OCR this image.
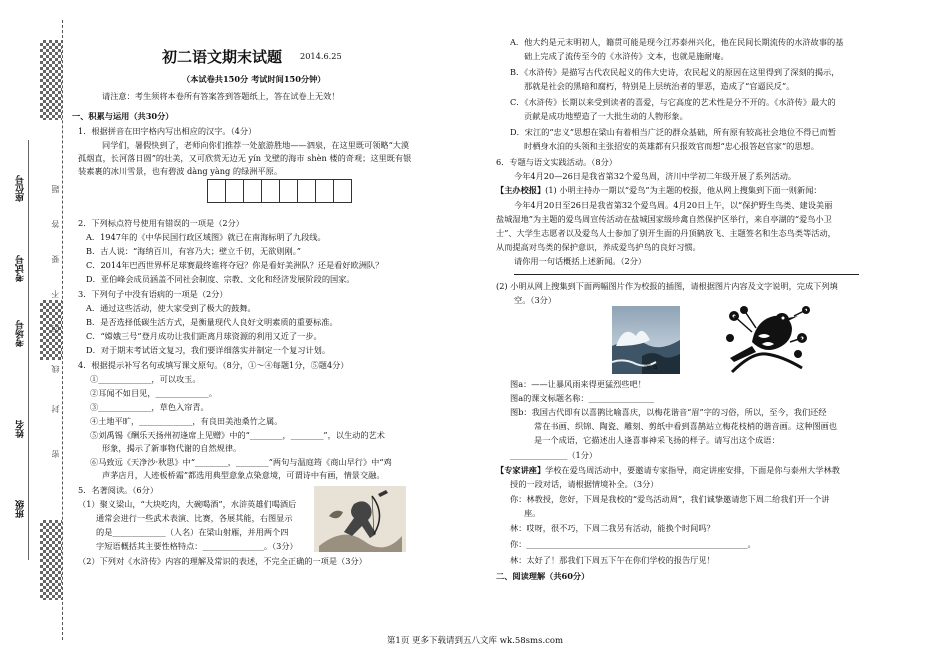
班级
姓名
考场号
座位号
考试号
密
封
线
内
不
要
答
题
初二语文期末试题 2014.6.25
（本试卷共150分 考试时间150分钟）
请注意：考生须将本卷所有答案答到答题纸上，答在试卷上无效！
一、积累与运用（共30分）
1．根据拼音在田字格内写出相应的汉字。（4分）
同学们，暑假快到了，老师向你们推荐一处旅游胜地——泗泉，在这里既可领略“大漠
孤烟直，长河落日圆”的壮美，又可欣赏无边无 yín 戈壁的海市 shèn 楼的奇观；这里既有银
装素裹的冰川雪景，也有碧波 dàng yàng 的绿洲平原。
2．下列标点符号使用有错误的一项是（2分）
A．1947年的《中华民国行政区域图》就已在南海标明了九段线。
B．古人说：“海纳百川，有容乃大；壁立千仞，无欲则刚。”
C．2014年巴西世界杯足球赛最终谁将夺冠？你是看好美洲队？还是看好欧洲队？
D．亚伯峰会成员涵盖不同社会制度、宗教、文化和经济发展阶段的国家。
3．下列句子中没有语病的一项是（2分）
A．通过这些活动，使大家受到了极大的鼓舞。
B．是否选择低碳生活方式，是衡量现代人良好文明素质的重要标准。
C．“嫦娥三号”登月成功让我们距离月球资源的利用又近了一步。
D．对于期末考试语文复习，我们要详细落实并制定一个复习计划。
4．根据提示补写名句或填写课文原句。（8分，①～④每题1分，⑤题4分）
①_____________，可以攻玉。
②耳闻不如目见，_____________。
③_____________，草色入帘青。
④土地平旷，_____________，有良田美池桑竹之属。
⑤刘禹锡《酬乐天扬州初逢席上见赠》中的“________，________”，以生动的艺术
形象，揭示了新事物代谢的自然规律。
⑥马致远《天净沙·秋思》中“________，________”两句与温庭筠《商山早行》中“鸡
声茅店月，人迹板桥霜”都选用典型意象点染意境，可谓诗中有画，情景交融。
5．名著阅读。（6分）
（1）聚义梁山，“大块吃肉，大碗喝酒”，水浒英雄们喝酒后
通常会进行一些武术表演、比赛，各展其能，右图显示
的是_____________（人名）在梁山射雁，并用两个四
字短语概括其主要性格特点：_______________。（3分）
（2）下列对《水浒传》内容的理解及常识的表述，不完全正确的一项是（3分）
A．他大约是元末明初人，籍贯可能是现今江苏泰州兴化，他在民间长期流传的水浒故事的基
础上完成了流传至今的《水浒传》文本，也就是施耐庵。
B．《水浒传》是描写古代农民起义的伟大史诗，农民起义的原因在这里得到了深刻的揭示，
那就是社会的黑暗和腐朽，特别是上层统治者的罪恶，造成了“官逼民反”。
C．《水浒传》长期以来受到读者的喜爱，与它高度的艺术性是分不开的。《水浒传》最大的
贡献是成功地塑造了一大批生动的人物形象。
D．宋江的“忠义”思想在梁山有着相当广泛的群众基础，所有原有较高社会地位不得已而暂
时栖身水泊的头领和主张招安的英雄都有只报效官而想“忠心报答赵官家”的思想。
6．专题与语文实践活动。（8分）
今年4月20—26日是我省第32个爱鸟周，济川中学初二年级开展了系列活动。
【主办校报】(1) 小明主持办一期以“爱鸟”为主题的校报，他从网上搜集到下面一则新闻：
今年4月20日至26日是我省第32个爱鸟周。4月20日上午，以“保护野生鸟类、建设美丽
盐城湿地”为主题的爱鸟周宣传活动在盐城国家级珍禽自然保护区举行，来自亭湖的“爱鸟小卫
士”、大学生志愿者以及爱鸟人士参加了别开生面的丹顶鹤放飞、主题签名和生态鸟类等活动，
从而提高对鸟类的保护意识，养成爱鸟护鸟的良好习惯。
请你用一句话概括上述新闻。（2分）
(2) 小明从网上搜集到下面两幅图片作为校报的插图，请根据图片内容及文字说明，完成下列填
空。（3分）
图 a
图a：——让暴风雨来得更猛烈些吧！
图a的课文标题名称：________________
图b：我国古代即有以喜鹊比喻喜庆，以梅花谐音“眉”字的习俗，所以，至今，我们还经
常在书画、织锦、陶瓷、雕刻、剪纸中看到喜鹊站立梅花枝梢的谐音画。这种图画也
是一个成语，它描述出人逢喜事神采飞扬的样子。请写出这个成语：
______________（1分）
【专家讲座】学校在爱鸟周活动中，要邀请专家指导，商定讲座安排，下面是你与泰州大学林教
授的一段对话，请根据情境补全。（3分）
你：林教授，您好，下周是我校的“爱鸟活动周”，我们诚挚邀请您下周二给我们开一个讲
座。
林：哎呀，很不巧，下周二我另有活动，能换个时间吗？
你：______________________________________________________。
林：太好了！那我们下周五下午在你们学校的报告厅见！
二、阅读理解（共60分）
第1页 更多下载请到五八文库 wk.58sms.com
